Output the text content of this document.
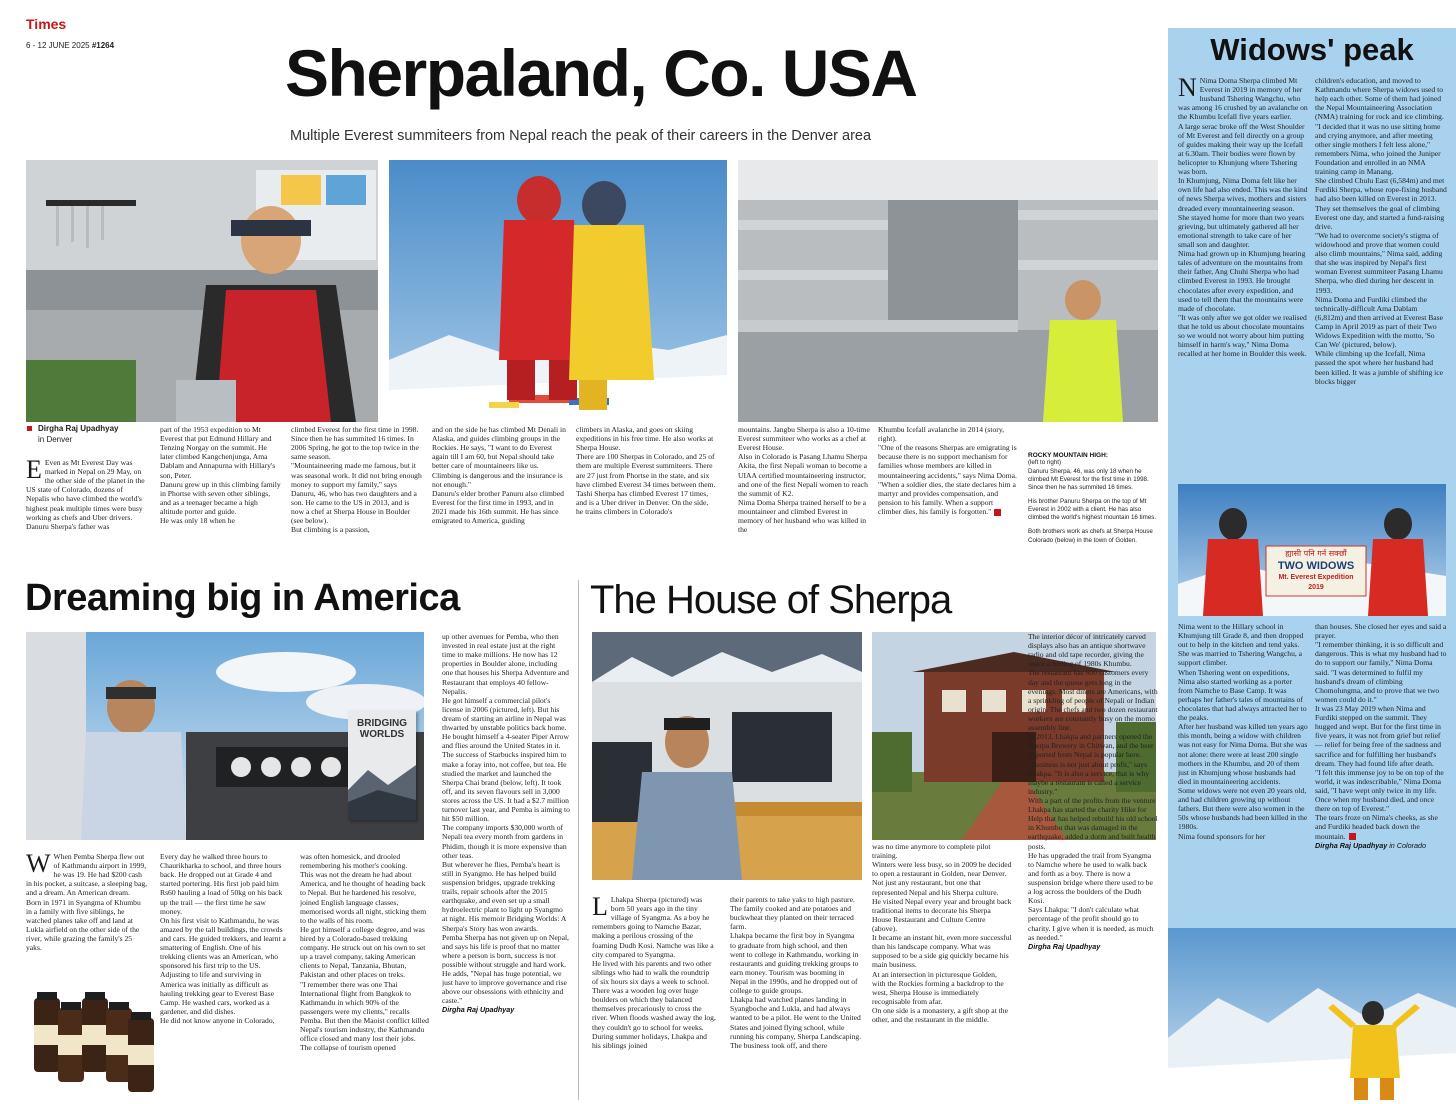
Times
6 - 12 JUNE 2025 #1264	Sherpaland, Co. USA
Multiple Everest summiteers from Nepal reach the peak of their careers in the Denver area
Dirgha Raj Upadhyay
in Denver
E Even as Mt Everest Day was marked in Nepal on 29 May, on the other side of the planet in the US state of Colorado, dozens of Nepalis who have climbed the world's highest peak multiple times were busy working as chefs and Uber drivers.
Danuru Sherpa's father was
part of the 1953 expedition to Mt Everest that put Edmund Hillary and Tenzing Norgay on the summit. He later climbed Kangchenjunga, Ama Dablam and Annapurna with Hillary's son, Peter.
Danuru grew up in this climbing family in Phortse with seven other siblings, and as a teenager became a high altitude porter and guide.
He was only 18 when he
climbed Everest for the first time in 1998. Since then he has summited 16 times. In 2006 Spring, he got to the top twice in the same season.
"Mountaineering made me famous, but it was seasonal work. It did not bring enough money to support my family," says Danuru, 46, who has two daughters and a son. He came to the US in 2013, and is now a chef at Sherpa House in Boulder (see below).
But climbing is a passion,
and on the side he has climbed Mt Denali in Alaska, and guides climbing groups in the Rockies. He says, "I want to do Everest again till I am 60, but Nepal should take better care of mountaineers like us. Climbing is dangerous and the insurance is not enough."
Danuru's elder brother Panuru also climbed Everest for the first time in 1993, and in 2021 made his 16th summit. He has since emigrated to America, guiding
climbers in Alaska, and goes on skiing expeditions in his free time. He also works at Sherpa House.
There are 100 Sherpas in Colorado, and 25 of them are multiple Everest summiteers. There are 27 just from Phortse in the state, and six have climbed Everest 34 times between them.
Tashi Sherpa has climbed Everest 17 times, and is a Uber driver in Denver. On the side, he trains climbers in Colorado's
mountains. Jangbu Sherpa is also a 10-time Everest summiteer who works as a chef at Everest House.
Also in Colorado is Pasang Lhamu Sherpa Akita, the first Nepali woman to become a UIAA certified mountaineering instructor, and one of the first Nepali women to reach the summit of K2.
Nima Doma Sherpa trained herself to be a mountaineer and climbed Everest in memory of her husband who was killed in the
Khumbu Icefall avalanche in 2014 (story, right).
"One of the reasons Sherpas are emigrating is because there is no support mechanism for families whose members are killed in mountaineering accidents," says Nima Doma.
"When a soldier dies, the state declares him a martyr and provides compensation, and pension to his family. When a support climber dies, his family is forgotten."
ROCKY MOUNTAIN HIGH:
(left to right)
Danuru Sherpa, 46, was only 18 when he climbed Mt Everest for the first time in 1998. Since then he has summited 16 times.
His brother Panuru Sherpa on the top of Mt Everest in 2002 with a client. He has also climbed the world's highest mountain 16 times.
Both brothers work as chefs at Sherpa House Colorado (below) in the town of Golden.
Dreaming big in America
BRIDGING WORLDS
W When Pemba Sherpa flew out of Kathmandu airport in 1999, he was 19. He had $200 cash in his pocket, a suitcase, a sleeping bag, and a dream. An American dream.
Born in 1971 in Syangma of Khumbu in a family with five siblings, he watched planes take off and land at Lukla airfield on the other side of the river, while grazing the family's 25 yaks.
Every day he walked three hours to Chaurikharka to school, and three hours back. He dropped out at Grade 4 and started portering. His first job paid him Rs60 hauling a load of 50kg on his back up the trail — the first time he saw money.
On his first visit to Kathmandu, he was amazed by the tall buildings, the crowds and cars. He guided trekkers, and learnt a smattering of English. One of his trekking clients was an American, who sponsored his first trip to the US.
Adjusting to life and surviving in America was initially as difficult as hauling trekking gear to Everest Base Camp. He washed cars, worked as a gardener, and did dishes.
He did not know anyone in Colorado,
was often homesick, and drooled remembering his mother's cooking.
This was not the dream he had about America, and he thought of heading back to Nepal. But he hardened his resolve, joined English language classes, memorised words all night, sticking them to the walls of his room.
He got himself a college degree, and was hired by a Colorado-based trekking company. He struck out on his own to set up a travel company, taking American clients to Nepal, Tanzania, Bhutan, Pakistan and other places on treks.
"I remember there was one Thai International flight from Bangkok to Kathmandu in which 90% of the passengers were my clients," recalls Pemba. But then the Maoist conflict killed Nepal's tourism industry, the Kathmandu office closed and many lost their jobs.
The collapse of tourism opened
up other avenues for Pemba, who then invested in real estate just at the right time to make millions. He now has 12 properties in Boulder alone, including one that houses his Sherpa Adventure and Restaurant that employs 40 fellow-Nepalis.
He got himself a commercial pilot's license in 2006 (pictured, left). But his dream of starting an airline in Nepal was thwarted by unstable politics back home. He bought himself a 4-seater Piper Arrow and flies around the United States in it.
The success of Starbucks inspired him to make a foray into, not coffee, but tea. He studied the market and launched the Sherpa Chai brand (below, left). It took off, and its seven flavours sell in 3,000 stores across the US. It had a $2.7 million turnover last year, and Pemba is aiming to hit $50 million.
The company imports $30,000 worth of Nepali tea every month from gardens in Phidim, though it is more expensive than other teas.
But wherever he flies, Pemba's heart is still in Syangmo. He has helped build suspension bridges, upgrade trekking trails, repair schools after the 2015 earthquake, and even set up a small hydroelectric plant to light up Syangmo at night. His memoir Bridging Worlds: A Sherpa's Story has won awards.
Pemba Sherpa has not given up on Nepal, and says his life is proof that no matter where a person is born, success is not possible without struggle and hard work.
He adds, "Nepal has huge potential, we just have to improve governance and rise above our obsessions with ethnicity and caste."
Dirgha Raj Upadhyay
The House of Sherpa
L Lhakpa Sherpa (pictured) was born 50 years ago in the tiny village of Syangma. As a boy he remembers going to Namche Bazar, making a perilous crossing of the foaming Dudh Kosi. Namche was like a city compared to Syangma.
He lived with his parents and two other siblings who had to walk the roundtrip of six hours six days a week to school. There was a wooden log over huge boulders on which they balanced themselves precariously to cross the river. When floods washed away the log, they couldn't go to school for weeks.
During summer holidays, Lhakpa and his siblings joined
their parents to take yaks to high pasture. The family cooked and ate potatoes and buckwheat they planted on their terraced farm.
Lhakpa became the first boy in Syangma to graduate from high school, and then went to college in Kathmandu, working in restaurants and guiding trekking groups to earn money. Tourism was booming in Nepal in the 1990s, and he dropped out of college to guide groups.
Lhakpa had watched planes landing in Syangboche and Lukla, and had always wanted to be a pilot. He went to the United States and joined flying school, while running his company, Sherpa Landscaping.
The business took off, and there
was no time anymore to complete pilot training.
Winters were less busy, so in 2009 he decided to open a restaurant in Golden, near Denver. Not just any restaurant, but one that represented Nepal and his Sherpa culture.
He visited Nepal every year and brought back traditional items to decorate his Sherpa House Restaurant and Culture Centre (above).
It became an instant hit, even more successful than his landscape company. What was supposed to be a side gig quickly became his main business.
At an intersection in picturesque Golden, with the Rockies forming a backdrop to the west, Sherpa House is immediately recognisable from afar.
On one side is a monastery, a gift shop at the other, and the restaurant in the middle.
The interior décor of intricately carved displays also has an antique shortwave radio and old tape recorder, giving the space a feeling of 1980s Khumbu.
The restaurant has 600 customers every day and the queue gets long in the evenings. Most diners are Americans, with a sprinkling of people of Nepali or Indian origin. The chefs and two dozen restaurant workers are constantly busy on the momo assembly line.
In 2013, Lhakpa and partners opened the Sherpa Brewery in Chitwan, and the beer imported from Nepal is popular here.
"Business is not just about profit," says Lhakpa. "It is also a service, that is why maybe a restaurant is called a service industry."
With a part of the profits from the venture Lhakpa has started the charity Hike for Help that has helped rebuild his old school in Khumbu that was damaged in the earthquake, added a dorm and built health posts.
He has upgraded the trail from Syangma to Namche where he used to walk back and forth as a boy. There is now a suspension bridge where there used to be a log across the boulders of the Dudh Kosi.
Says Lhakpa: "I don't calculate what percentage of the profit should go to charity. I give when it is needed, as much as needed."
Dirgha Raj Upadhyay
Widows' peak
N Nima Doma Sherpa climbed Mt Everest in 2019 in memory of her husband Tshering Wangchu, who was among 16 crushed by an avalanche on the Khumbu Icefall five years earlier.
A large serac broke off the West Shoulder of Mt Everest and fell directly on a group of guides making their way up the Icefall at 6.30am. Their bodies were flown by helicopter to Khunjung where Tshering was born.
In Khumjung, Nima Doma felt like her own life had also ended. This was the kind of news Sherpa wives, mothers and sisters dreaded every mountaineering season.
She stayed home for more than two years grieving, but ultimately gathered all her emotional strength to take care of her small son and daughter.
Nima had grown up in Khumjung hearing tales of adventure on the mountains from their father, Ang Chuhi Sherpa who had climbed Everest in 1993. He brought chocolates after every expedition, and used to tell them that the mountains were made of chocolate.
"It was only after we got older we realised that he told us about chocolate mountains so we would not worry about him putting himself in harm's way," Nima Doma recalled at her home in Boulder this week.
children's education, and moved to Kathmandu where Sherpa widows used to help each other. Some of them had joined the Nepal Mountaineering Association (NMA) training for rock and ice climbing.
"I decided that it was no use sitting home and crying anymore, and after meeting other single mothers I felt less alone," remembers Nima, who joined the Juniper Foundation and enrolled in an NMA training camp in Manang.
She climbed Chulu East (6,584m) and met Furdiki Sherpa, whose rope-fixing husband had also been killed on Everest in 2013. They set themselves the goal of climbing Everest one day, and started a fund-raising drive.
"We had to overcome society's stigma of widowhood and prove that women could also climb mountains," Nima said, adding that she was inspired by Nepal's first woman Everest summiteer Pasang Lhamu Sherpa, who died during her descent in 1993.
Nima Doma and Furdiki climbed the technically-difficult Ama Dablam (6,812m) and then arrived at Everest Base Camp in April 2019 as part of their Two Widows Expedition with the motto, 'So Can We' (pictured, below).
While climbing up the Icefall, Nima passed the spot where her husband had been killed. It was a jumble of shifting ice blocks bigger
ह्यासी पनि गर्न सक्छौं
TWO WIDOWS
Mt. Everest Expedition
2019
Nima went to the Hillary school in Khumjung till Grade 8, and then dropped out to help in the kitchen and tend yaks. She was married to Tshering Wangchu, a support climber.
When Tshering went on expeditions, Nima also started working as a porter from Namche to Base Camp. It was perhaps her father's tales of mountains of chocolates that had always attracted her to the peaks.
After her husband was killed ten years ago this month, being a widow with children was not easy for Nima Doma. But she was not alone: there were at least 200 single mothers in the Khumbu, and 20 of them just in Khumjung whose husbands had died in mountaineering accidents.
Some widows were not even 20 years old, and had children growing up without fathers. But there were also women in the 50s whose husbands had been killed in the 1980s.
Nima found sponsors for her
than houses. She closed her eyes and said a prayer.
"I remember thinking, it is so difficult and dangerous. This is what my husband had to do to support our family," Nima Doma said. "I was determined to fulfil my husband's dream of climbing Chomolungma, and to prove that we two women could do it."
It was 23 May 2019 when Nima and Furdiki stepped on the summit. They hugged and wept. But for the first time in five years, it was not from grief but relief — relief for being free of the sadness and sacrifice and for fulfilling her husband's dream. They had found life after death.
"I felt this immense joy to be on top of the world, it was indescribable," Nima Doma said, "I have wept only twice in my life. Once when my husband died, and once there on top of Everest."
The tears froze on Nima's cheeks, as she and Furdiki headed back down the mountain.
Dirgha Raj Upadhyay in Colorado
